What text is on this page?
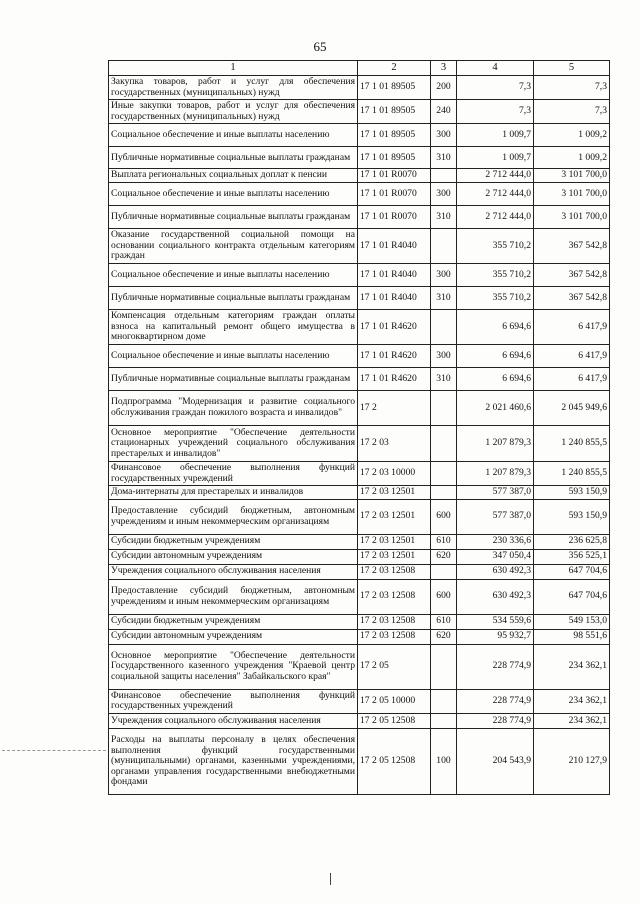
65
1	2	3	4	5
Закупка товаров, работ и услуг для обеспечения государственных (муниципальных) нужд	17 1 01 89505	200	7,3	7,3
Иные закупки товаров, работ и услуг для обеспечения государственных (муниципальных) нужд	17 1 01 89505	240	7,3	7,3
Социальное обеспечение и иные выплаты населению	17 1 01 89505	300	1 009,7	1 009,2
Публичные нормативные социальные выплаты гражданам	17 1 01 89505	310	1 009,7	1 009,2
Выплата региональных социальных доплат к пенсии	17 1 01 R0070		2 712 444,0	3 101 700,0
Социальное обеспечение и иные выплаты населению	17 1 01 R0070	300	2 712 444,0	3 101 700,0
Публичные нормативные социальные выплаты гражданам	17 1 01 R0070	310	2 712 444,0	3 101 700,0
Оказание государственной социальной помощи на основании социального контракта отдельным категориям граждан	17 1 01 R4040		355 710,2	367 542,8
Социальное обеспечение и иные выплаты населению	17 1 01 R4040	300	355 710,2	367 542,8
Публичные нормативные социальные выплаты гражданам	17 1 01 R4040	310	355 710,2	367 542,8
Компенсация отдельным категориям граждан оплаты взноса на капитальный ремонт общего имущества в многоквартирном доме	17 1 01 R4620		6 694,6	6 417,9
Социальное обеспечение и иные выплаты населению	17 1 01 R4620	300	6 694,6	6 417,9
Публичные нормативные социальные выплаты гражданам	17 1 01 R4620	310	6 694,6	6 417,9
Подпрограмма "Модернизация и развитие социального обслуживания граждан пожилого возраста и инвалидов"	17 2		2 021 460,6	2 045 949,6
Основное мероприятие "Обеспечение деятельности стационарных учреждений социального обслуживания престарелых и инвалидов"	17 2 03		1 207 879,3	1 240 855,5
Финансовое обеспечение выполнения функций государственных учреждений	17 2 03 10000		1 207 879,3	1 240 855,5
Дома-интернаты для престарелых и инвалидов	17 2 03 12501		577 387,0	593 150,9
Предоставление субсидий бюджетным, автономным учреждениям и иным некоммерческим организациям	17 2 03 12501	600	577 387,0	593 150,9
Субсидии бюджетным учреждениям	17 2 03 12501	610	230 336,6	236 625,8
Субсидии автономным учреждениям	17 2 03 12501	620	347 050,4	356 525,1
Учреждения социального обслуживания населения	17 2 03 12508		630 492,3	647 704,6
Предоставление субсидий бюджетным, автономным учреждениям и иным некоммерческим организациям	17 2 03 12508	600	630 492,3	647 704,6
Субсидии бюджетным учреждениям	17 2 03 12508	610	534 559,6	549 153,0
Субсидии автономным учреждениям	17 2 03 12508	620	95 932,7	98 551,6
Основное мероприятие "Обеспечение деятельности Государственного казенного учреждения "Краевой центр социальной защиты населения" Забайкальского края"	17 2 05		228 774,9	234 362,1
Финансовое обеспечение выполнения функций государственных учреждений	17 2 05 10000		228 774,9	234 362,1
Учреждения социального обслуживания населения	17 2 05 12508		228 774,9	234 362,1
Расходы на выплаты персоналу в целях обеспечения выполнения функций государственными (муниципальными) органами, казенными учреждениями, органами управления государственными внебюджетными фондами	17 2 05 12508	100	204 543,9	210 127,9
